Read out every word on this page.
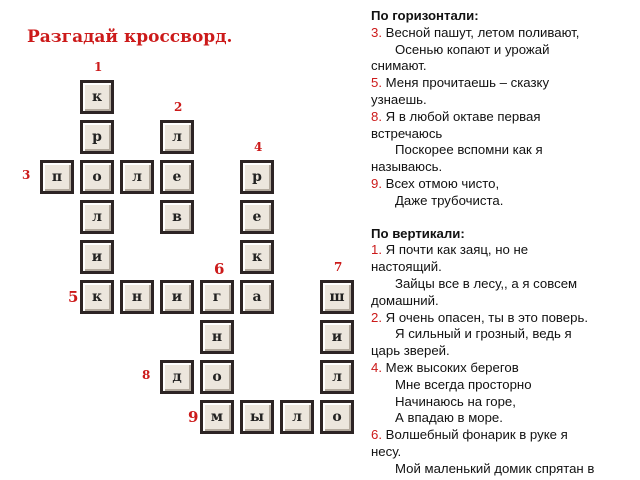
Разгадай кроссворд.
к
р	л
п	о	л	е	р
л	в	е
и	к
к	н	и	г	а	ш
н	и
д	о	л
м	ы	л	о
1
2
3
4
5
6	7
8
9
По горизонтали:
3. Весной пашут, летом поливают,
Осенью копают и урожай
снимают.
5. Меня прочитаешь – сказку
узнаешь.
8. Я в любой октаве первая
встречаюсь
Поскорее вспомни как я
называюсь.
9. Всех отмою чисто,
Даже трубочиста.
По вертикали:
1. Я почти как заяц, но не
настоящий.
Зайцы все в лесу,, а я совсем
домашний.
2. Я очень опасен, ты в это поверь.
Я сильный и грозный, ведь я
царь зверей.
4. Меж высоких берегов
Мне всегда просторно
Начинаюсь на горе,
А впадаю в море.
6. Волшебный фонарик в руке я
несу.
Мой маленький домик спрятан в
